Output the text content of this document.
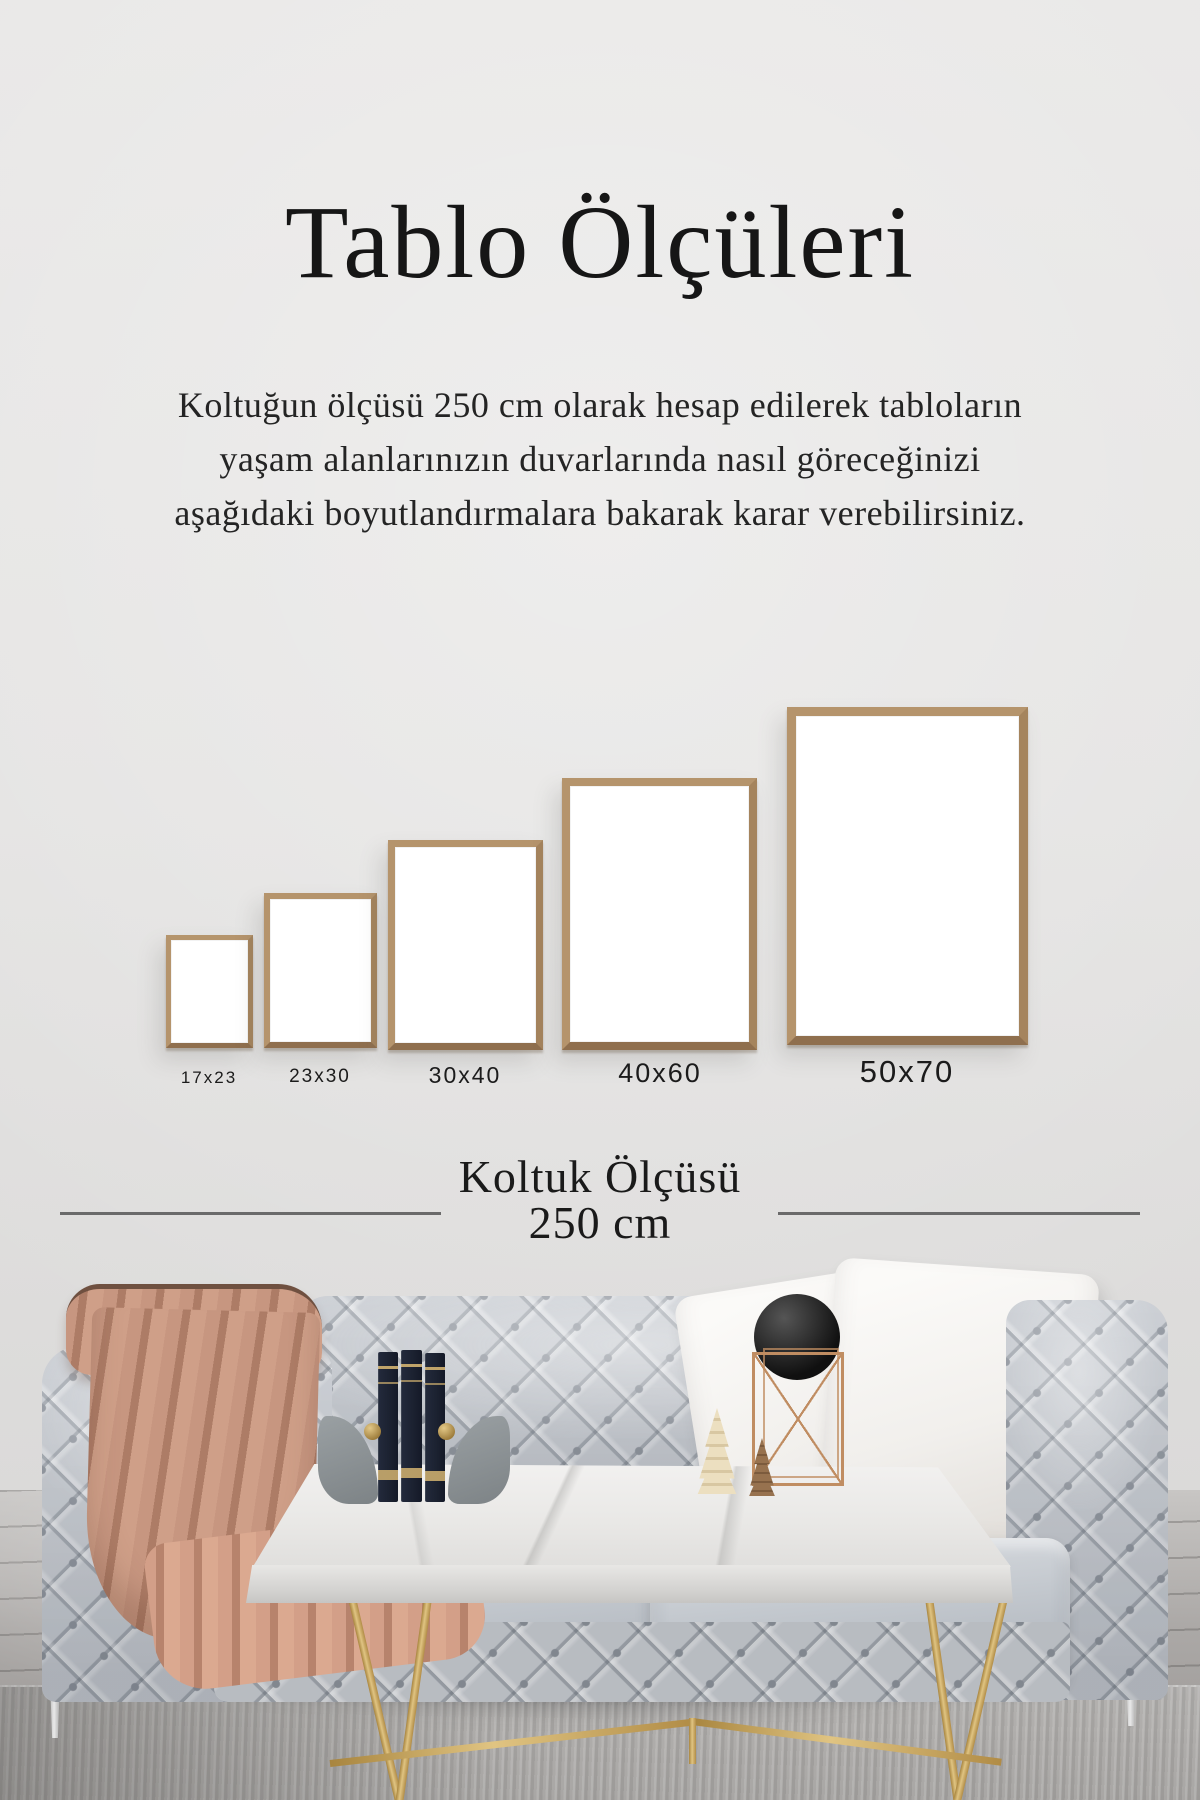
Tablo Ölçüleri

Koltuğun ölçüsü 250 cm olarak hesap edilerek tabloların
yaşam alanlarınızın duvarlarında nasıl göreceğinizi
aşağıdaki boyutlandırmalara bakarak karar verebilirsiniz.

17x23	23x30	30x40	40x60	50x70
Koltuk Ölçüsü
250 cm
